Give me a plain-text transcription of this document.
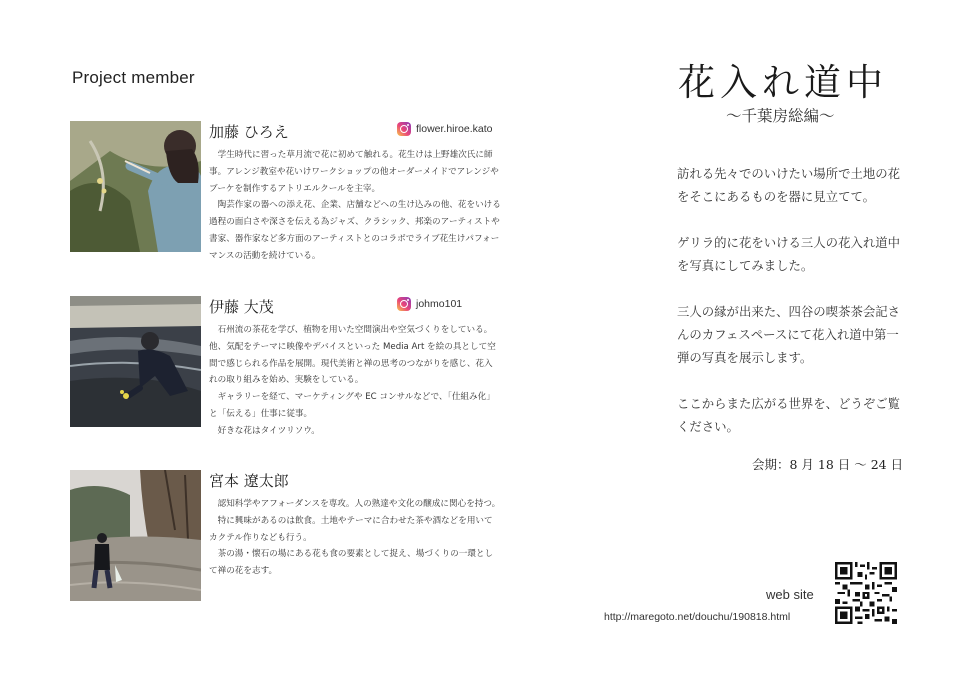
Project member
加藤 ひろえ	flower.hiroe.kato

学生時代に習った草月流で花に初めて触れる。花生けは上野雄次氏に師事。アレンジ教室や花いけワークショップの他オーダーメイドでアレンジやブーケを制作するアトリエルクールを主宰。

陶芸作家の器への添え花、企業、店舗などへの生け込みの他、花をいける過程の面白さや深さを伝える為ジャズ、クラシック、邦楽のアーティストや書家、器作家など多方面のアーティストとのコラボでライブ花生けパフォーマンスの活動を続けている。

伊藤 大茂	johmo101

石州流の茶花を学び、植物を用いた空間演出や空気づくりをしている。他、気配をテーマに映像やデバイスといった Media Art を絵の具として空間で感じられる作品を展開。現代美術と禅の思考のつながりを感じ、花入れの取り組みを始め、実験をしている。

ギャラリーを経て、マーケティングや EC コンサルなどで、「仕組み化」と「伝える」仕事に従事。

好きな花はタイツリソウ。

宮本 遼太郎

認知科学やアフォーダンスを専攻。人の熟達や文化の醸成に関心を持つ。

特に興味があるのは飲食。土地やテーマに合わせた茶や酒などを用いてカクテル作りなども行う。

茶の湯・懐石の場にある花も食の要素として捉え、場づくりの一環として禅の花を志す。

花入れ道中
〜千葉房総編〜

訪れる先々でのいけたい場所で土地の花をそこにあるものを器に見立てて。

ゲリラ的に花をいける三人の花入れ道中を写真にしてみました。

三人の縁が出来た、四谷の喫茶茶会記さんのカフェスペースにて花入れ道中第一弾の写真を展示します。

ここからまた広がる世界を、どうぞご覧ください。

会期：8 月 18 日 〜 24 日
web site
http://maregoto.net/douchu/190818.html
